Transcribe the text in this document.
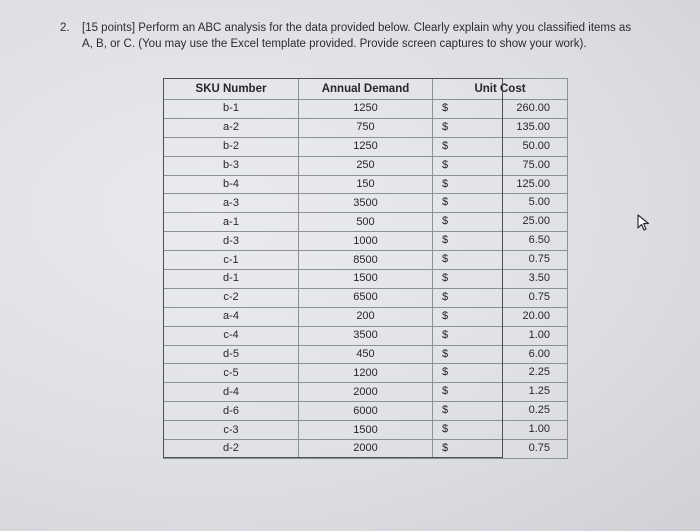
2. [15 points] Perform an ABC analysis for the data provided below. Clearly explain why you classified items as A, B, or C. (You may use the Excel template provided. Provide screen captures to show your work).
SKU Number	Annual Demand	Unit Cost
b-1	1250	$ 260.00

a-2	750	$ 135.00

b-2	1250	$ 50.00

b-3	250	$ 75.00

b-4	150	$ 125.00

a-3	3500	$ 5.00

a-1	500	$ 25.00

d-3	1000	$ 6.50

c-1	8500	$ 0.75

d-1	1500	$ 3.50

c-2	6500	$ 0.75

a-4	200	$ 20.00

c-4	3500	$ 1.00

d-5	450	$ 6.00

c-5	1200	$ 2.25

d-4	2000	$ 1.25

d-6	6000	$ 0.25

c-3	1500	$ 1.00

d-2	2000	$ 0.75
